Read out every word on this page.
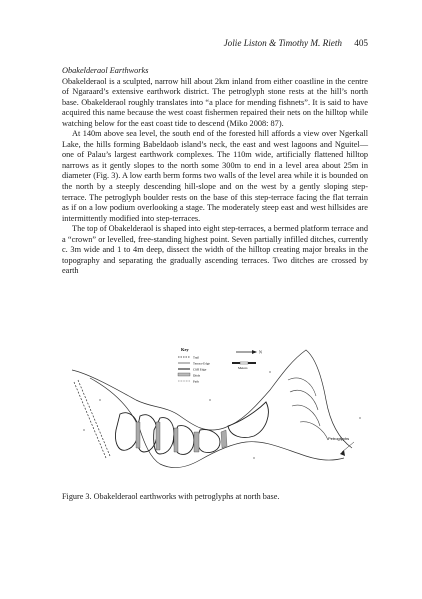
Jolie Liston & Timothy M. Rieth 405

Obakelderaol Earthworks

Obakelderaol is a sculpted, narrow hill about 2km inland from either coastline in the centre of Ngaraard’s extensive earthwork district. The petroglyph stone rests at the hill’s north base. Obakelderaol roughly translates into “a place for mending fishnets”. It is said to have acquired this name because the west coast fishermen repaired their nets on the hilltop while watching below for the east coast tide to descend (Miko 2008: 87).

At 140m above sea level, the south end of the forested hill affords a view over Ngerkall Lake, the hills forming Babeldaob island’s neck, the east and west lagoons and Nguitel—one of Palau’s largest earthwork complexes. The 110m wide, artificially flattened hilltop narrows as it gently slopes to the north some 300m to end in a level area about 25m in diameter (Fig. 3). A low earth berm forms two walls of the level area while it is bounded on the north by a steeply descending hill-slope and on the west by a gently sloping step-terrace. The petroglyph boulder rests on the base of this step-terrace facing the flat terrain as if on a low podium overlooking a stage. The moderately steep east and west hillsides are intermittently modified into step-terraces.

The top of Obakelderaol is shaped into eight step-terraces, a bermed platform terrace and a “crown” or levelled, free-standing highest point. Seven partially infilled ditches, currently c. 3m wide and 1 to 4m deep, dissect the width of the hilltop creating major breaks in the topography and separating the gradually ascending terraces. Two ditches are crossed by earth

Key
Trail
Terrace Edge
Cliff Edge
Ditch
Path
N
Meters
Petroglyphs
Figure 3. Obakelderaol earthworks with petroglyphs at north base.
